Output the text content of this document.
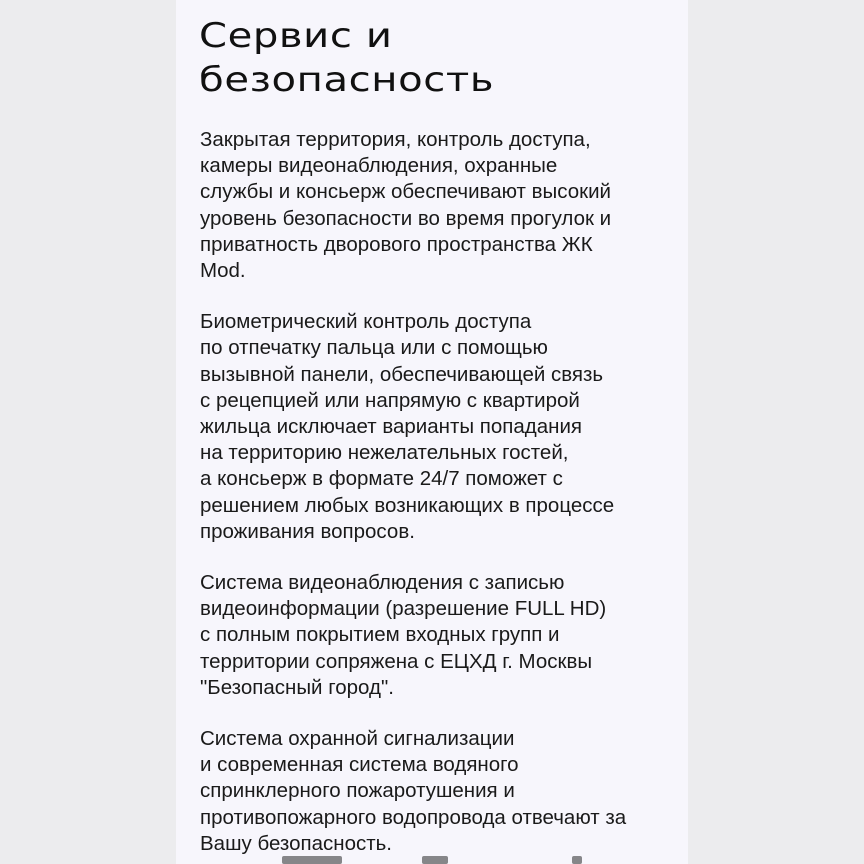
Сервис и
безопасность

Закрытая территория, контроль доступа,
камеры видеонаблюдения, охранные
службы и консьерж обеспечивают высокий
уровень безопасности во время прогулок и
приватность дворового пространства ЖК
Mod.

Биометрический контроль доступа
по отпечатку пальца или с помощью
вызывной панели, обеспечивающей связь
с рецепцией или напрямую с квартирой
жильца исключает варианты попадания
на территорию нежелательных гостей,
а консьерж в формате 24/7 поможет с
решением любых возникающих в процессе
проживания вопросов.

Система видеонаблюдения с записью
видеоинформации (разрешение FULL HD)
с полным покрытием входных групп и
территории сопряжена с ЕЦХД г. Москвы
"Безопасный город".

Система охранной сигнализации
и современная система водяного
спринклерного пожаротушения и
противопожарного водопровода отвечают за
Вашу безопасность.
